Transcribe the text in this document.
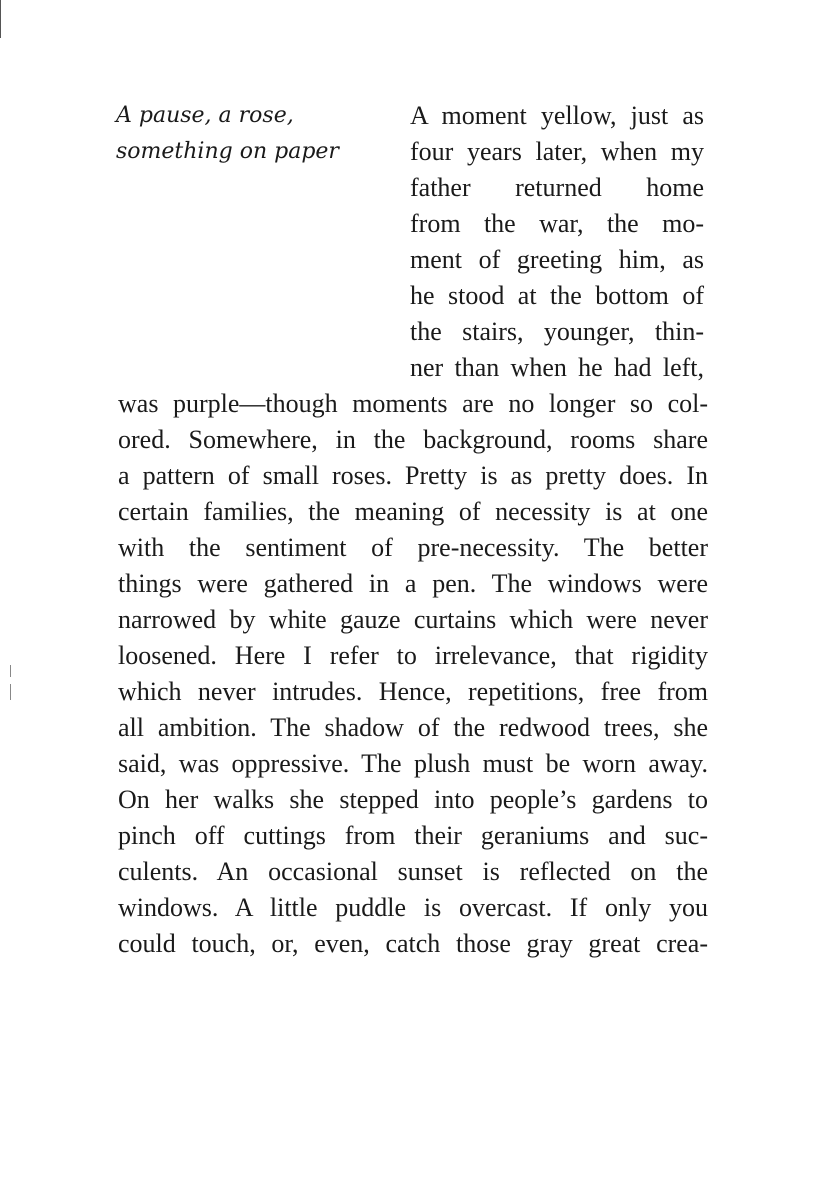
A pause, a rose,
something on paper
A moment yellow, just as
four years later, when my
father returned home
from the war, the mo-
ment of greeting him, as
he stood at the bottom of
the stairs, younger, thin-
ner than when he had left,
was purple—though moments are no longer so col-
ored. Somewhere, in the background, rooms share
a pattern of small roses. Pretty is as pretty does. In
certain families, the meaning of necessity is at one
with the sentiment of pre-necessity. The better
things were gathered in a pen. The windows were
narrowed by white gauze curtains which were never
loosened. Here I refer to irrelevance, that rigidity
which never intrudes. Hence, repetitions, free from
all ambition. The shadow of the redwood trees, she
said, was oppressive. The plush must be worn away.
On her walks she stepped into people’s gardens to
pinch off cuttings from their geraniums and suc-
culents. An occasional sunset is reflected on the
windows. A little puddle is overcast. If only you
could touch, or, even, catch those gray great crea-
